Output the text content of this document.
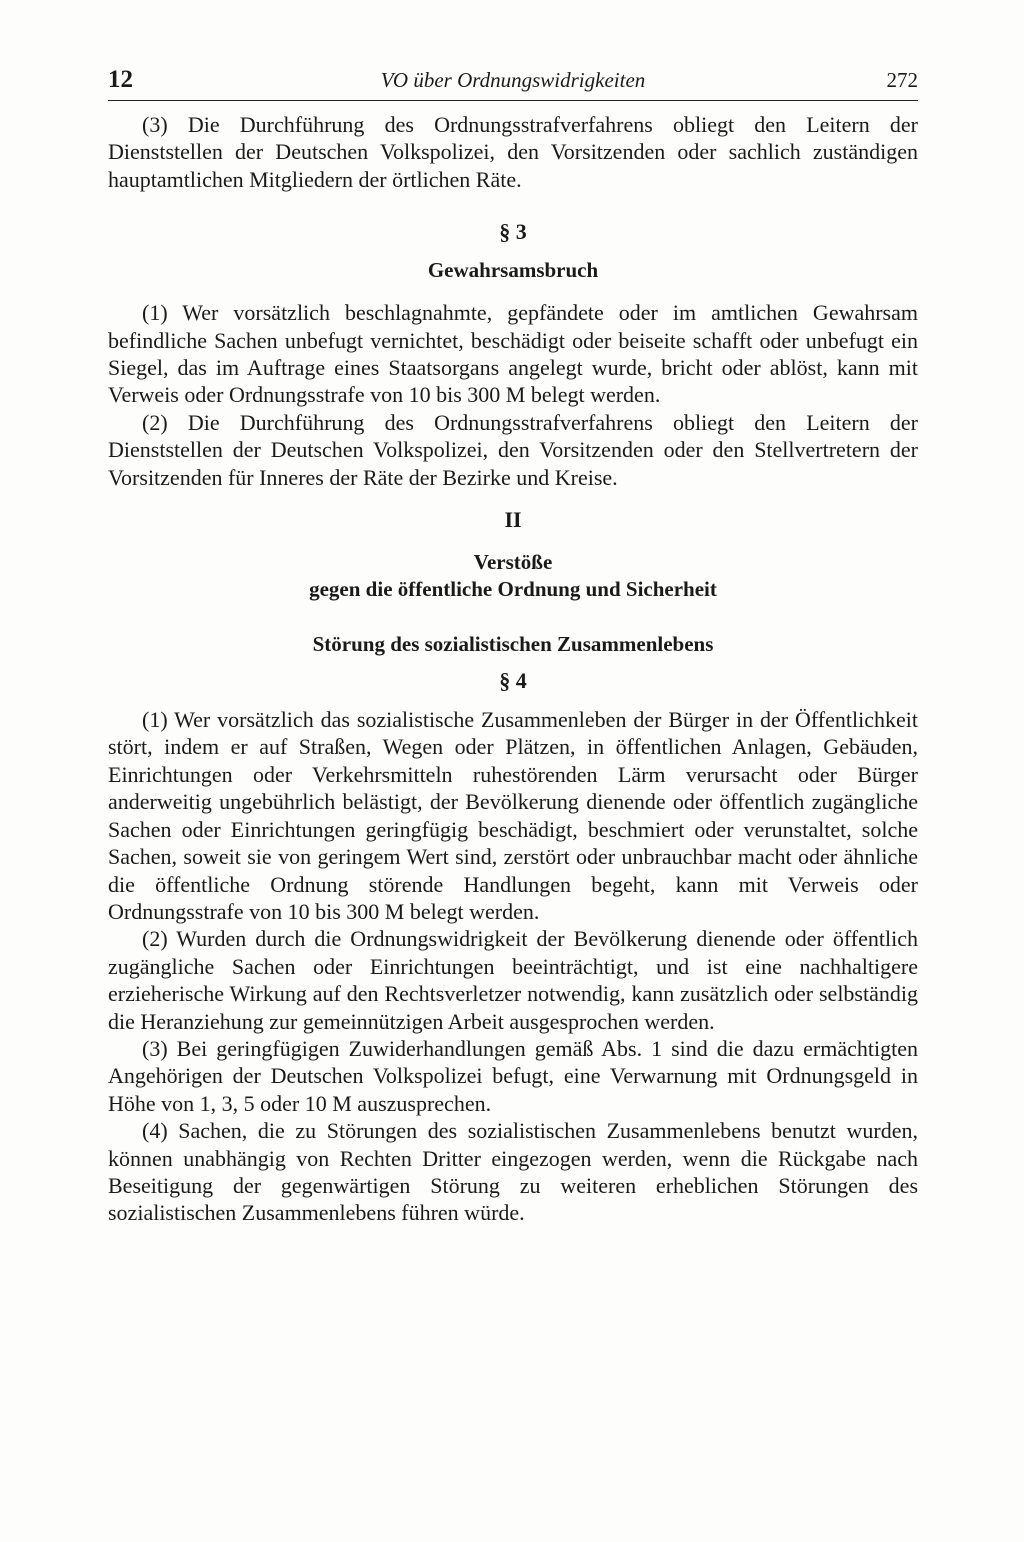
12	VO über Ordnungswidrigkeiten	272

(3) Die Durchführung des Ordnungsstrafverfahrens obliegt den Leitern der Dienststellen der Deutschen Volkspolizei, den Vorsitzenden oder sachlich zuständigen hauptamtlichen Mitgliedern der örtlichen Räte.

§ 3
Gewahrsamsbruch

(1) Wer vorsätzlich beschlagnahmte, gepfändete oder im amtlichen Gewahrsam befindliche Sachen unbefugt vernichtet, beschädigt oder beiseite schafft oder unbefugt ein Siegel, das im Auftrage eines Staatsorgans angelegt wurde, bricht oder ablöst, kann mit Verweis oder Ordnungsstrafe von 10 bis 300 M belegt werden.

(2) Die Durchführung des Ordnungsstrafverfahrens obliegt den Leitern der Dienststellen der Deutschen Volkspolizei, den Vorsitzenden oder den Stellvertretern der Vorsitzenden für Inneres der Räte der Bezirke und Kreise.

II
Verstöße
gegen die öffentliche Ordnung und Sicherheit
Störung des sozialistischen Zusammenlebens
§ 4

(1) Wer vorsätzlich das sozialistische Zusammenleben der Bürger in der Öffentlichkeit stört, indem er auf Straßen, Wegen oder Plätzen, in öffentlichen Anlagen, Gebäuden, Einrichtungen oder Verkehrsmitteln ruhestörenden Lärm verursacht oder Bürger anderweitig ungebührlich belästigt, der Bevölkerung dienende oder öffentlich zugängliche Sachen oder Einrichtungen geringfügig beschädigt, beschmiert oder verunstaltet, solche Sachen, soweit sie von geringem Wert sind, zerstört oder unbrauchbar macht oder ähnliche die öffentliche Ordnung störende Handlungen begeht, kann mit Verweis oder Ordnungsstrafe von 10 bis 300 M belegt werden.

(2) Wurden durch die Ordnungswidrigkeit der Bevölkerung dienende oder öffentlich zugängliche Sachen oder Einrichtungen beeinträchtigt, und ist eine nachhaltigere erzieherische Wirkung auf den Rechtsverletzer notwendig, kann zusätzlich oder selbständig die Heranziehung zur gemeinnützigen Arbeit ausgesprochen werden.

(3) Bei geringfügigen Zuwiderhandlungen gemäß Abs. 1 sind die dazu ermächtigten Angehörigen der Deutschen Volkspolizei befugt, eine Verwarnung mit Ordnungsgeld in Höhe von 1, 3, 5 oder 10 M auszusprechen.

(4) Sachen, die zu Störungen des sozialistischen Zusammenlebens benutzt wurden, können unabhängig von Rechten Dritter eingezogen werden, wenn die Rückgabe nach Beseitigung der gegenwärtigen Störung zu weiteren erheblichen Störungen des sozialistischen Zusammenlebens führen würde.
